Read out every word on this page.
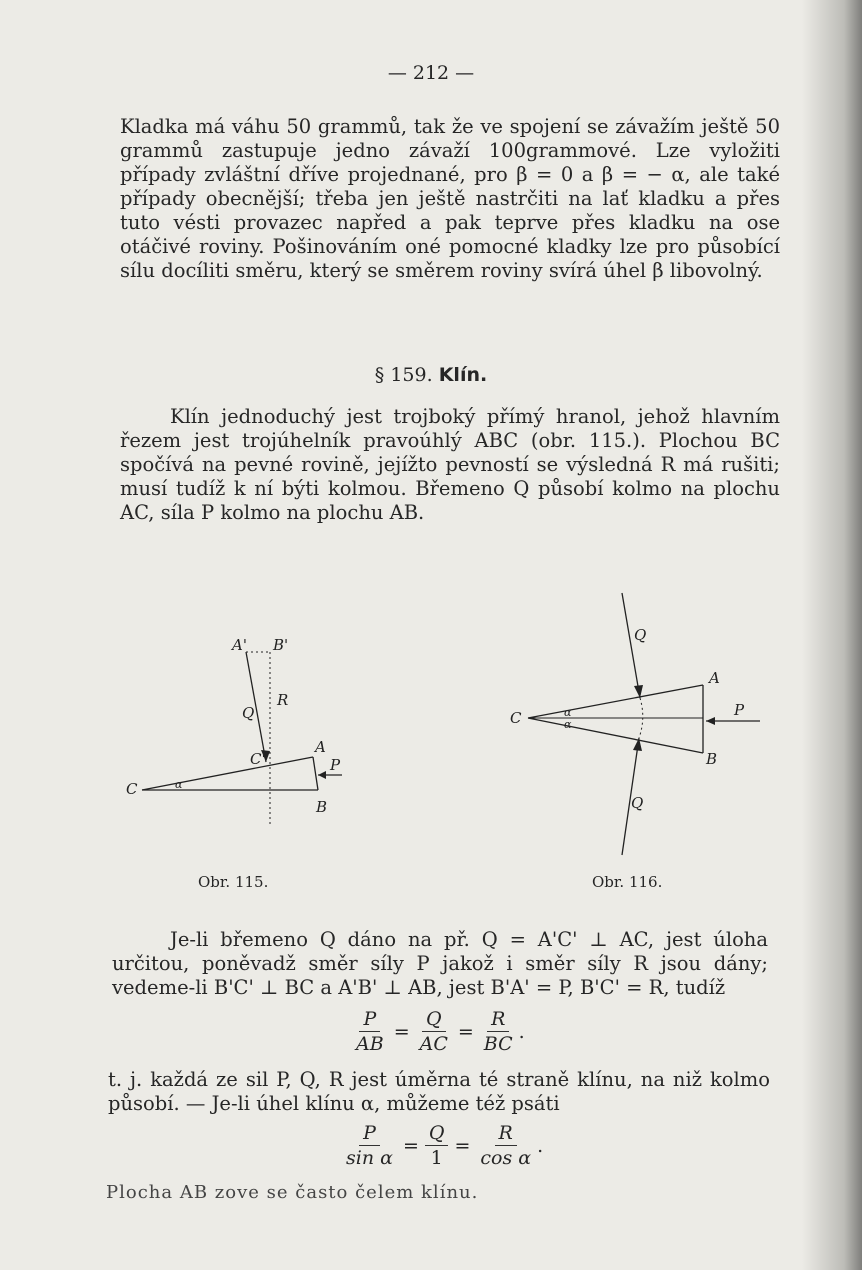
— 212 —

Kladka má váhu 50 grammů, tak že ve spojení se závažím ještě 50 grammů zastupuje jedno závaží 100grammové. Lze vyložiti případy zvláštní dříve projednané, pro β = 0 a β = − α, ale také případy obecnější; třeba jen ještě nastrčiti na lať kladku a přes tuto vésti provazec napřed a pak teprve přes kladku na ose otáčivé roviny. Pošinováním oné pomocné kladky lze pro působící sílu docíliti směru, který se směrem roviny svírá úhel β libovolný.

§ 159. Klín.

Klín jednoduchý jest trojboký přímý hranol, jehož hlavním řezem jest trojúhelník pravoúhlý ABC (obr. 115.). Plochou BC spočívá na pevné rovině, jejížto pevností se výsledná R má rušiti; musí tudíž k ní býti kolmou. Břemeno Q působí kolmo na plochu AC, síla P kolmo na plochu AB.

A' B'
R
Q
C'
A
P
C	α
B
Obr. 115.
Q
A
C	α
α
P
B
Q
Obr. 116.

Je-li břemeno Q dáno na př. Q = A'C' ⊥ AC, jest úloha určitou, poněvadž směr síly P jakož i směr síly R jsou dány; vedeme-li B'C' ⊥ BC a A'B' ⊥ AB, jest B'A' = P, B'C' = R, tudíž

$\frac{P}{AB} = \frac{Q}{AC} = \frac{R}{BC}$ .

t. j. každá ze sil P, Q, R jest úměrna té straně klínu, na niž kolmo působí. — Je-li úhel klínu α, můžeme též psáti

$\frac{P}{\text{sin α}} = \frac{Q}{1} = \frac{R}{\text{cos α}}$ .
Plocha AB zove se často čelem klínu.
